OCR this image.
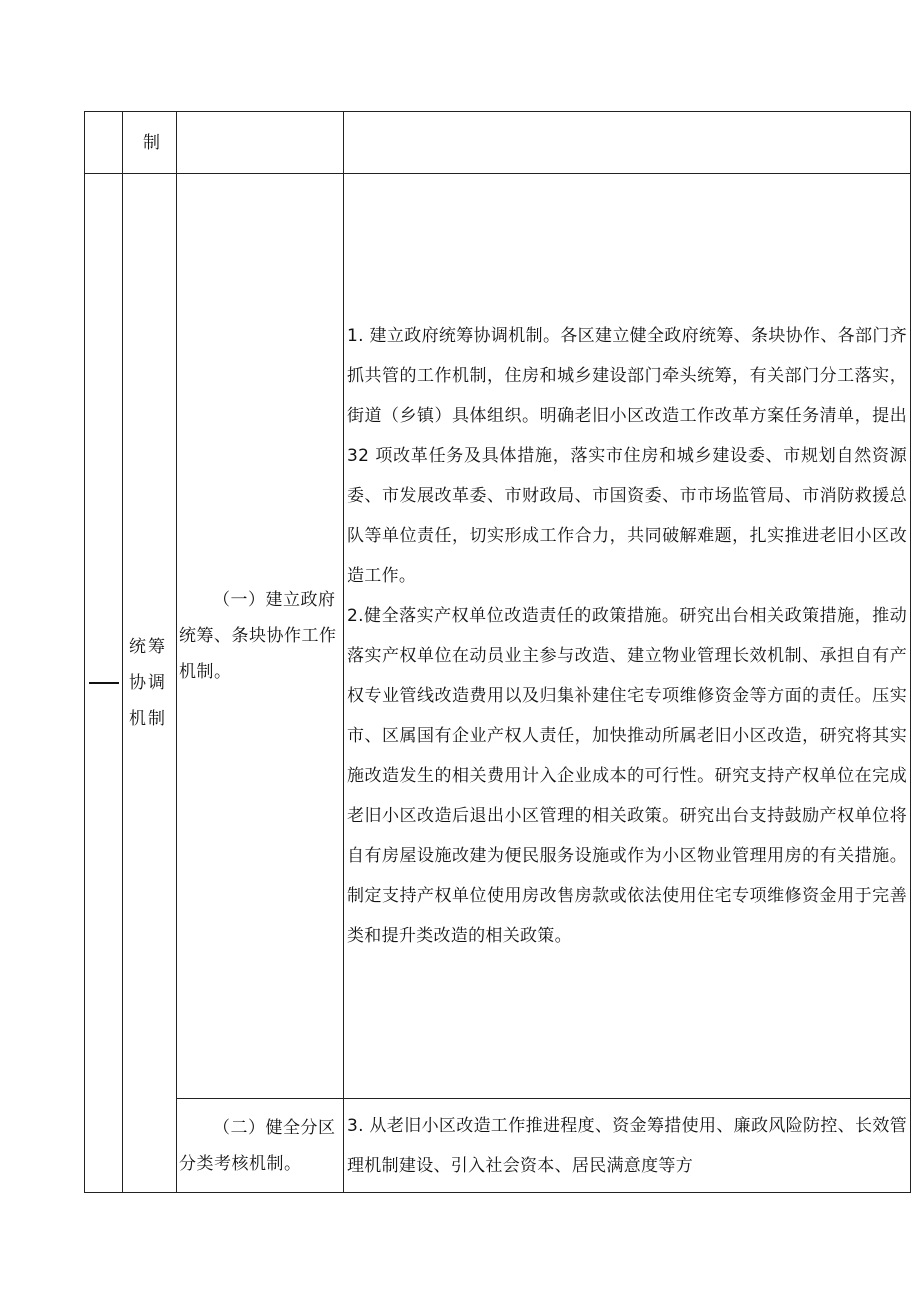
	制		

	统筹协调机制	（一）建立政府统筹、条块协作工作机制。	1. 建立政府统筹协调机制。各区建立健全政府统筹、条块协作、各部门齐抓共管的工作机制，住房和城乡建设部门牵头统筹，有关部门分工落实，街道（乡镇）具体组织。明确老旧小区改造工作改革方案任务清单，提出 32 项改革任务及具体措施，落实市住房和城乡建设委、市规划自然资源委、市发展改革委、市财政局、市国资委、市市场监管局、市消防救援总队等单位责任，切实形成工作合力，共同破解难题，扎实推进老旧小区改造工作。

2.健全落实产权单位改造责任的政策措施。研究出台相关政策措施，推动落实产权单位在动员业主参与改造、建立物业管理长效机制、承担自有产权专业管线改造费用以及归集补建住宅专项维修资金等方面的责任。压实市、区属国有企业产权人责任，加快推动所属老旧小区改造，研究将其实施改造发生的相关费用计入企业成本的可行性。研究支持产权单位在完成老旧小区改造后退出小区管理的相关政策。研究出台支持鼓励产权单位将自有房屋设施改建为便民服务设施或作为小区物业管理用房的有关措施。制定支持产权单位使用房改售房款或依法使用住宅专项维修资金用于完善类和提升类改造的相关政策。

		（二）健全分区分类考核机制。	3. 从老旧小区改造工作推进程度、资金筹措使用、廉政风险防控、长效管理机制建设、引入社会资本、居民满意度等方
